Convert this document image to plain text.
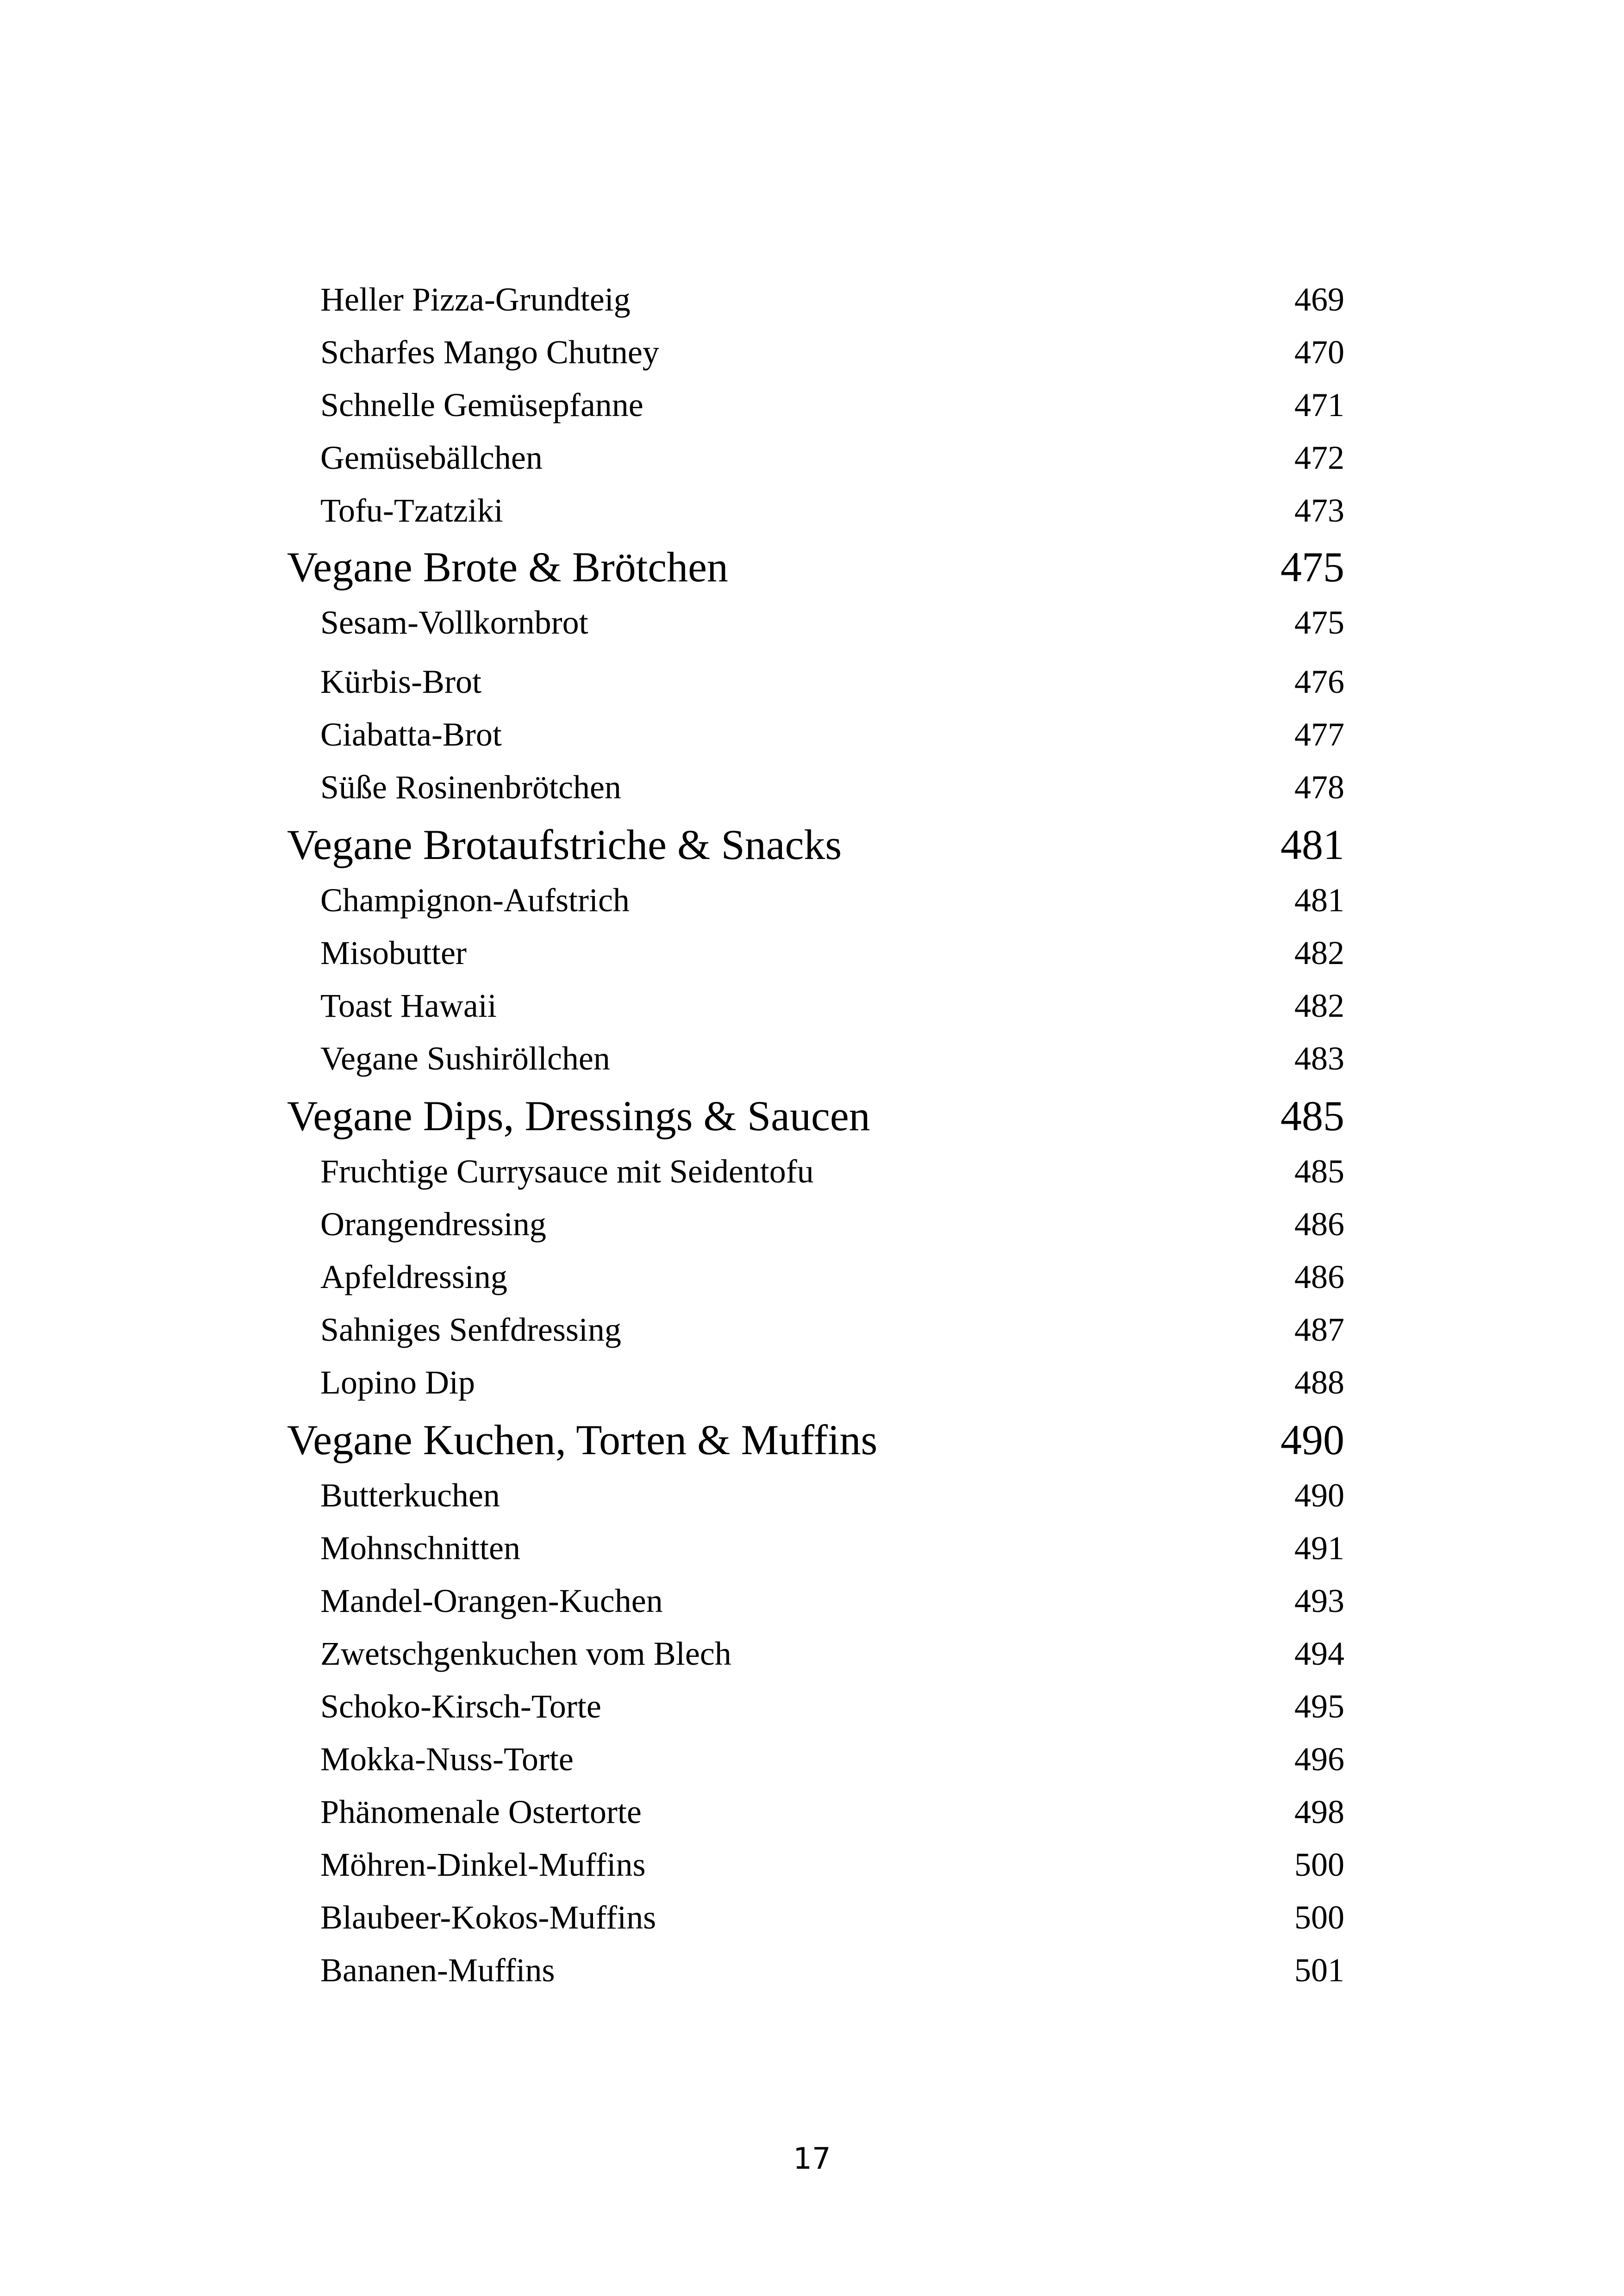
Heller Pizza-Grundteig	469
Scharfes Mango Chutney	470
Schnelle Gemüsepfanne	471
Gemüsebällchen	472
Tofu-Tzatziki	473
Vegane Brote & Brötchen	475
Sesam-Vollkornbrot	475
Kürbis-Brot	476
Ciabatta-Brot	477
Süße Rosinenbrötchen	478
Vegane Brotaufstriche & Snacks	481
Champignon-Aufstrich	481
Misobutter	482
Toast Hawaii	482
Vegane Sushiröllchen	483
Vegane Dips, Dressings & Saucen	485
Fruchtige Currysauce mit Seidentofu	485
Orangendressing	486
Apfeldressing	486
Sahniges Senfdressing	487
Lopino Dip	488
Vegane Kuchen, Torten & Muffins	490
Butterkuchen	490
Mohnschnitten	491
Mandel-Orangen-Kuchen	493
Zwetschgenkuchen vom Blech	494
Schoko-Kirsch-Torte	495
Mokka-Nuss-Torte	496
Phänomenale Ostertorte	498
Möhren-Dinkel-Muffins	500
Blaubeer-Kokos-Muffins	500
Bananen-Muffins	501
17
